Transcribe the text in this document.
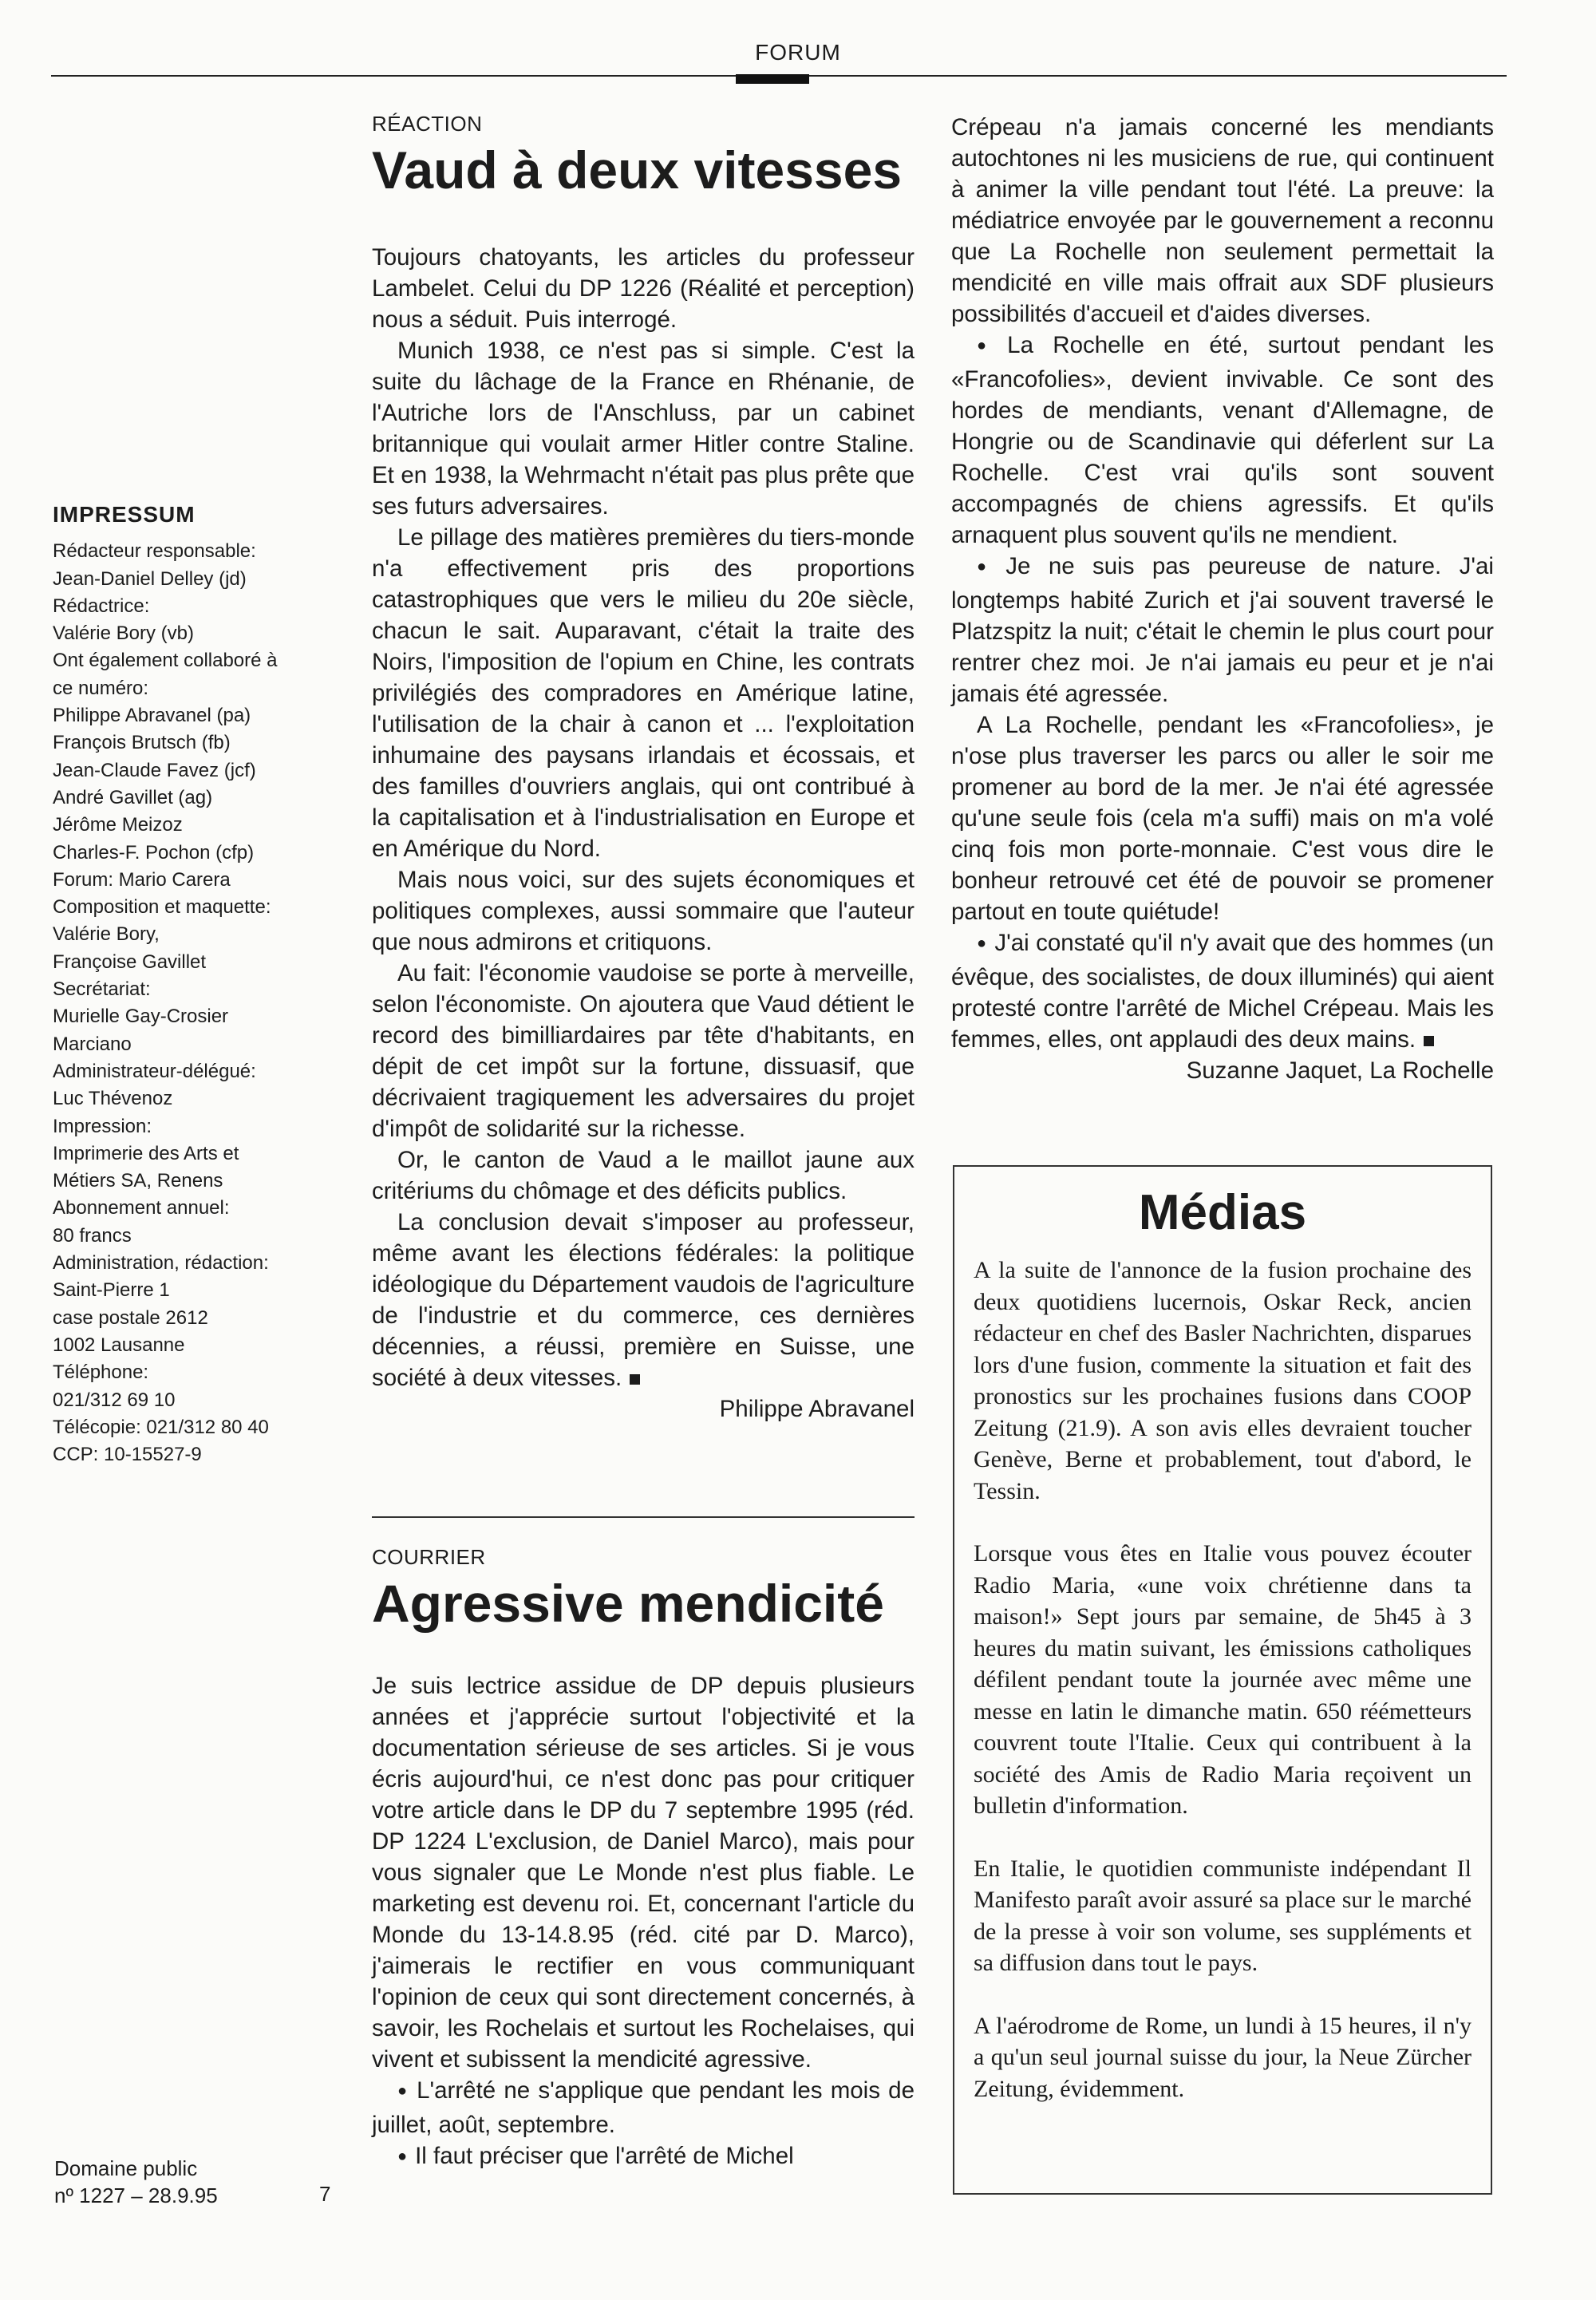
FORUM
IMPRESSUM
Rédacteur responsable:
Jean-Daniel Delley (jd)
Rédactrice:
Valérie Bory (vb)
Ont également collaboré à
ce numéro:
Philippe Abravanel (pa)
François Brutsch (fb)
Jean-Claude Favez (jcf)
André Gavillet (ag)
Jérôme Meizoz
Charles-F. Pochon (cfp)
Forum: Mario Carera
Composition et maquette:
Valérie Bory,
Françoise Gavillet
Secrétariat:
Murielle Gay-Crosier
Marciano
Administrateur-délégué:
Luc Thévenoz
Impression:
Imprimerie des Arts et
Métiers SA, Renens
Abonnement annuel:
80 francs
Administration, rédaction:
Saint-Pierre 1
case postale 2612
1002 Lausanne
Téléphone:
021/312 69 10
Télécopie: 021/312 80 40
CCP: 10-15527-9
Domaine public
nº 1227 – 28.9.95	7
RÉACTION
Vaud à deux vitesses

Toujours chatoyants, les articles du professeur Lambelet. Celui du DP 1226 (Réalité et perception) nous a séduit. Puis interrogé.

Munich 1938, ce n'est pas si simple. C'est la suite du lâchage de la France en Rhénanie, de l'Autriche lors de l'Anschluss, par un cabinet britannique qui voulait armer Hitler contre Staline. Et en 1938, la Wehrmacht n'était pas plus prête que ses futurs adversaires.

Le pillage des matières premières du tiers-monde n'a effectivement pris des proportions catastrophiques que vers le milieu du 20e siècle, chacun le sait. Auparavant, c'était la traite des Noirs, l'imposition de l'opium en Chine, les contrats privilégiés des compradores en Amérique latine, l'utilisation de la chair à canon et ... l'exploitation inhumaine des paysans irlandais et écossais, et des familles d'ouvriers anglais, qui ont contribué à la capitalisation et à l'industrialisation en Europe et en Amérique du Nord.

Mais nous voici, sur des sujets économiques et politiques complexes, aussi sommaire que l'auteur que nous admirons et critiquons.

Au fait: l'économie vaudoise se porte à merveille, selon l'économiste. On ajoutera que Vaud détient le record des bimilliardaires par tête d'habitants, en dépit de cet impôt sur la fortune, dissuasif, que décrivaient tragiquement les adversaires du projet d'impôt de solidarité sur la richesse.

Or, le canton de Vaud a le maillot jaune aux critériums du chômage et des déficits publics.

La conclusion devait s'imposer au professeur, même avant les élections fédérales: la politique idéologique du Département vaudois de l'agriculture de l'industrie et du commerce, ces dernières décennies, a réussi, première en Suisse, une société à deux vitesses.

Philippe Abravanel

COURRIER
Agressive mendicité

Je suis lectrice assidue de DP depuis plusieurs années et j'apprécie surtout l'objectivité et la documentation sérieuse de ses articles. Si je vous écris aujourd'hui, ce n'est donc pas pour critiquer votre article dans le DP du 7 septembre 1995 (réd. DP 1224 L'exclusion, de Daniel Marco), mais pour vous signaler que Le Monde n'est plus fiable. Le marketing est devenu roi. Et, concernant l'article du Monde du 13-14.8.95 (réd. cité par D. Marco), j'aimerais le rectifier en vous communiquant l'opinion de ceux qui sont directement concernés, à savoir, les Rochelais et surtout les Rochelaises, qui vivent et subissent la mendicité agressive.

● L'arrêté ne s'applique que pendant les mois de juillet, août, septembre.

● Il faut préciser que l'arrêté de Michel

Crépeau n'a jamais concerné les mendiants autochtones ni les musiciens de rue, qui continuent à animer la ville pendant tout l'été. La preuve: la médiatrice envoyée par le gouvernement a reconnu que La Rochelle non seulement permettait la mendicité en ville mais offrait aux SDF plusieurs possibilités d'accueil et d'aides diverses.

● La Rochelle en été, surtout pendant les «Francofolies», devient invivable. Ce sont des hordes de mendiants, venant d'Allemagne, de Hongrie ou de Scandinavie qui déferlent sur La Rochelle. C'est vrai qu'ils sont souvent accompagnés de chiens agressifs. Et qu'ils arnaquent plus souvent qu'ils ne mendient.

● Je ne suis pas peureuse de nature. J'ai longtemps habité Zurich et j'ai souvent traversé le Platzspitz la nuit; c'était le chemin le plus court pour rentrer chez moi. Je n'ai jamais eu peur et je n'ai jamais été agressée.

A La Rochelle, pendant les «Francofolies», je n'ose plus traverser les parcs ou aller le soir me promener au bord de la mer. Je n'ai été agressée qu'une seule fois (cela m'a suffi) mais on m'a volé cinq fois mon porte-monnaie. C'est vous dire le bonheur retrouvé cet été de pouvoir se promener partout en toute quiétude!

● J'ai constaté qu'il n'y avait que des hommes (un évêque, des socialistes, de doux illuminés) qui aient protesté contre l'arrêté de Michel Crépeau. Mais les femmes, elles, ont applaudi des deux mains.

Suzanne Jaquet, La Rochelle

Médias

A la suite de l'annonce de la fusion prochaine des deux quotidiens lucernois, Oskar Reck, ancien rédacteur en chef des Basler Nachrichten, disparues lors d'une fusion, commente la situation et fait des pronostics sur les prochaines fusions dans COOP Zeitung (21.9). A son avis elles devraient toucher Genève, Berne et probablement, tout d'abord, le Tessin.

Lorsque vous êtes en Italie vous pouvez écouter Radio Maria, «une voix chrétienne dans ta maison!» Sept jours par semaine, de 5h45 à 3 heures du matin suivant, les émissions catholiques défilent pendant toute la journée avec même une messe en latin le dimanche matin. 650 réémetteurs couvrent toute l'Italie. Ceux qui contribuent à la société des Amis de Radio Maria reçoivent un bulletin d'information.

En Italie, le quotidien communiste indépendant Il Manifesto paraît avoir assuré sa place sur le marché de la presse à voir son volume, ses suppléments et sa diffusion dans tout le pays.

A l'aérodrome de Rome, un lundi à 15 heures, il n'y a qu'un seul journal suisse du jour, la Neue Zürcher Zeitung, évidemment.
